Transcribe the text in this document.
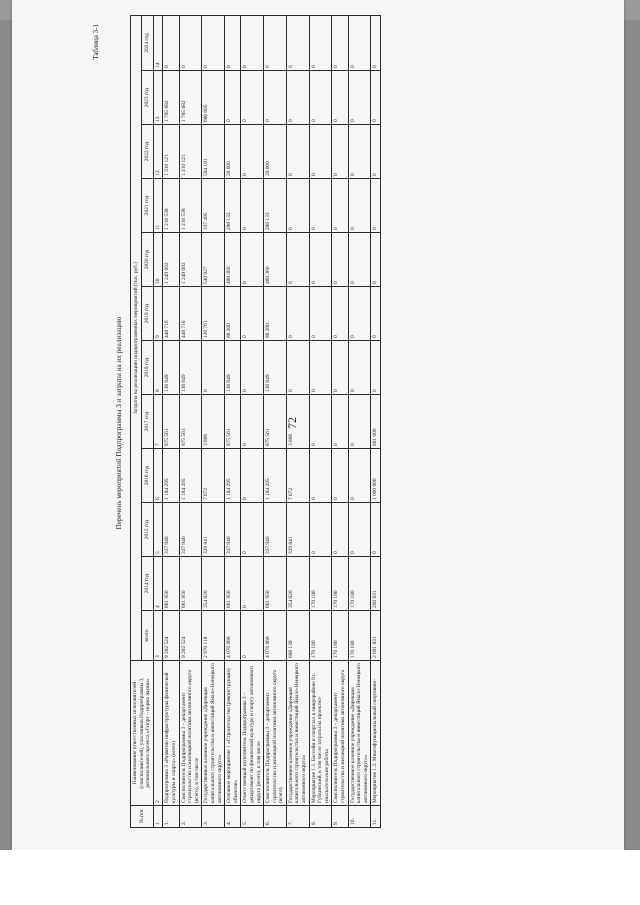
72
Таблица 3-1
Перечень мероприятий Подпрограммы 3 и затраты на их реализацию
№ п/п	Наименование ответственных исполнителей (соисполнителей), участников Подпрограммы 3, регионального проекта «Спорт – норма жизни»	Затраты на реализацию подпрограммных мероприятий (тыс. руб.)											
		всего	2014 год	2015 год	2016 год	2017 год	2018 год	2019 год	2020 год	2021 год	2022 год	2023 год	2024 год
1	2	3	4	5	6	7	8	9	10	11	12	13	14
1.	Подпрограмма 3 «Развитие инфраструктуры физической культуры и спорта» (всего)	9 202 524	661 950	337 940	1 184 295	875 561	136 649	448 716	1 249 092	1 216 538	1 310 121	1 785 682	0
2.	Соисполнитель Подпрограммы 3 – департамент строительства и жилищной политики автономного округа (всего), в том числе	9 202 524	661 950	337 940	1 184 295	875 561	136 649	448 716	1 249 092	1 216 538	1 310 121	1 785 682	0
3.	Государственное казенное учреждение «Дирекция капитального строительства и инвестиций Ямало-Ненецкого автономного округа»	2 970 118	354 820	329 841	7 672	3 806	0	120 761	540 927	337 495	594 191	680 605	0
4.	Основное мероприятие 1 «Строительство (реконструкция) объектов»	4 076 068	661 950	337 940	1 184 295	875 561	136 649	86 200	489 360	286 133	20 000	0	0
5.	Ответственный исполнитель Подпрограммы 3 – департамент по физической культуре и спорту автономного округа (всего), в том числе	0	0	0	0	0	0	0	0	0	0	0	0
6.	Соисполнитель Подпрограммы 3 – департамент строительства и жилищной политики автономного округа (всего)	4 076 068	661 950	337 940	1 184 295	875 561	136 649	86 200	489 360	286 133	20 000	0	0
7.	Государственное казенное учреждение «Дирекция капитального строительства и инвестиций Ямало-Ненецкого автономного округа»	696 139	354 820	329 841	7 672	3 806	0	0	0	0	0	0	0
8.	Мероприятие 1.1. Бассейн и спортзал в микрорайоне 9 г. Губкинский, в том числе затраты на проектно-изыскательские работы	170 180	170 180	0	0	0	0	0	0	0	0	0	0
9.	Соисполнитель Подпрограммы 3 – департамент строительства и жилищной политики автономного округа	170 180	170 180	0	0	0	0	0	0	0	0	0	0
10.	Государственное казенное учреждение «Дирекция капитального строительства и инвестиций Ямало-Ненецкого автономного округа»	170 180	170 180	0	0	0	0	0	0	0	0	0	0
11.	Мероприятие 1.2. Многофункциональный спортивно-	2 091 831	200 831	0	1 090 000	801 000	0	0	0	0	0	0	0
